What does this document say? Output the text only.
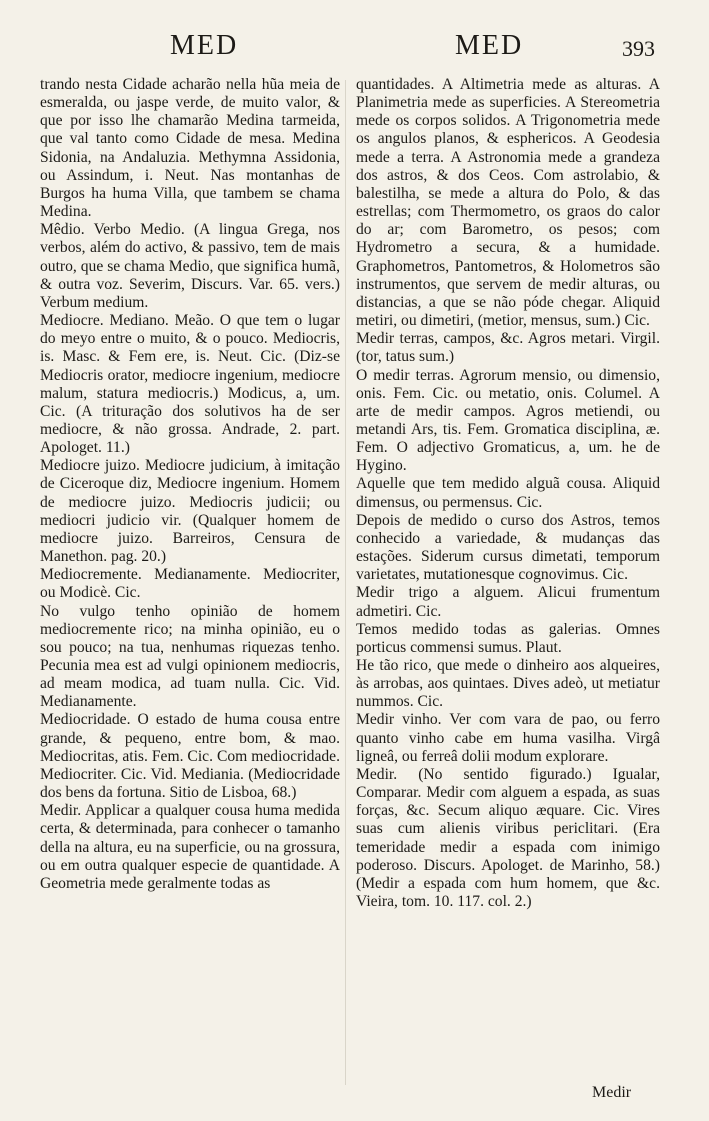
MED	MED	393

trando nesta Cidade acharão nella hũa meia de esmeralda, ou jaspe verde, de muito valor, & que por isso lhe chamarão Medina tarmeida, que val tanto como Cidade de mesa. Medina Sidonia, na Andaluzia. Methymna Assidonia, ou Assindum, i. Neut. Nas montanhas de Burgos ha huma Villa, que tambem se chama Medina.

Mêdio. Verbo Medio. (A lingua Grega, nos verbos, além do activo, & passivo, tem de mais outro, que se chama Medio, que significa humã, & outra voz. Severim, Discurs. Var. 65. vers.) Verbum medium.

Mediocre. Mediano. Meão. O que tem o lugar do meyo entre o muito, & o pouco. Mediocris, is. Masc. & Fem ere, is. Neut. Cic. (Diz-se Mediocris orator, mediocre ingenium, mediocre malum, statura mediocris.) Modicus, a, um. Cic. (A trituração dos solutivos ha de ser mediocre, & não grossa. Andrade, 2. part. Apologet. 11.)

Mediocre juizo. Mediocre judicium, à imitação de Ciceroque diz, Mediocre ingenium. Homem de mediocre juizo. Mediocris judicii; ou mediocri judicio vir. (Qualquer homem de mediocre juizo. Barreiros, Censura de Manethon. pag. 20.)

Mediocremente. Medianamente. Mediocriter, ou Modicè. Cic.

No vulgo tenho opinião de homem mediocremente rico; na minha opinião, eu o sou pouco; na tua, nenhumas riquezas tenho. Pecunia mea est ad vulgi opinionem mediocris, ad meam modica, ad tuam nulla. Cic. Vid. Medianamente.

Mediocridade. O estado de huma cousa entre grande, & pequeno, entre bom, & mao. Mediocritas, atis. Fem. Cic. Com mediocridade. Mediocriter. Cic. Vid. Mediania. (Mediocridade dos bens da fortuna. Sitio de Lisboa, 68.)

Medir. Applicar a qualquer cousa huma medida certa, & determinada, para conhecer o tamanho della na altura, eu na superficie, ou na grossura, ou em outra qualquer especie de quantidade. A Geometria mede geralmente todas as

quantidades. A Altimetria mede as alturas. A Planimetria mede as superficies. A Stereometria mede os corpos solidos. A Trigonometria mede os angulos planos, & esphericos. A Geodesia mede a terra. A Astronomia mede a grandeza dos astros, & dos Ceos. Com astrolabio, & balestilha, se mede a altura do Polo, & das estrellas; com Thermometro, os graos do calor do ar; com Barometro, os pesos; com Hydrometro a secura, & a humidade. Graphometros, Pantometros, & Holometros são instrumentos, que servem de medir alturas, ou distancias, a que se não póde chegar. Aliquid metiri, ou dimetiri, (metior, mensus, sum.) Cic.

Medir terras, campos, &c. Agros metari. Virgil. (tor, tatus sum.)

O medir terras. Agrorum mensio, ou dimensio, onis. Fem. Cic. ou metatio, onis. Columel. A arte de medir campos. Agros metiendi, ou metandi Ars, tis. Fem. Gromatica disciplina, æ. Fem. O adjectivo Gromaticus, a, um. he de Hygino.

Aquelle que tem medido alguã cousa. Aliquid dimensus, ou permensus. Cic.

Depois de medido o curso dos Astros, temos conhecido a variedade, & mudanças das estações. Siderum cursus dimetati, temporum varietates, mutationesque cognovimus. Cic.

Medir trigo a alguem. Alicui frumentum admetiri. Cic.

Temos medido todas as galerias. Omnes porticus commensi sumus. Plaut.

He tão rico, que mede o dinheiro aos alqueires, às arrobas, aos quintaes. Dives adeò, ut metiatur nummos. Cic.

Medir vinho. Ver com vara de pao, ou ferro quanto vinho cabe em huma vasilha. Virgâ ligneâ, ou ferreâ dolii modum explorare.

Medir. (No sentido figurado.) Igualar, Comparar. Medir com alguem a espada, as suas forças, &c. Secum aliquo æquare. Cic. Vires suas cum alienis viribus periclitari. (Era temeridade medir a espada com inimigo poderoso. Discurs. Apologet. de Marinho, 58.) (Medir a espada com hum homem, que &c. Vieira, tom. 10. 117. col. 2.)

Medir
